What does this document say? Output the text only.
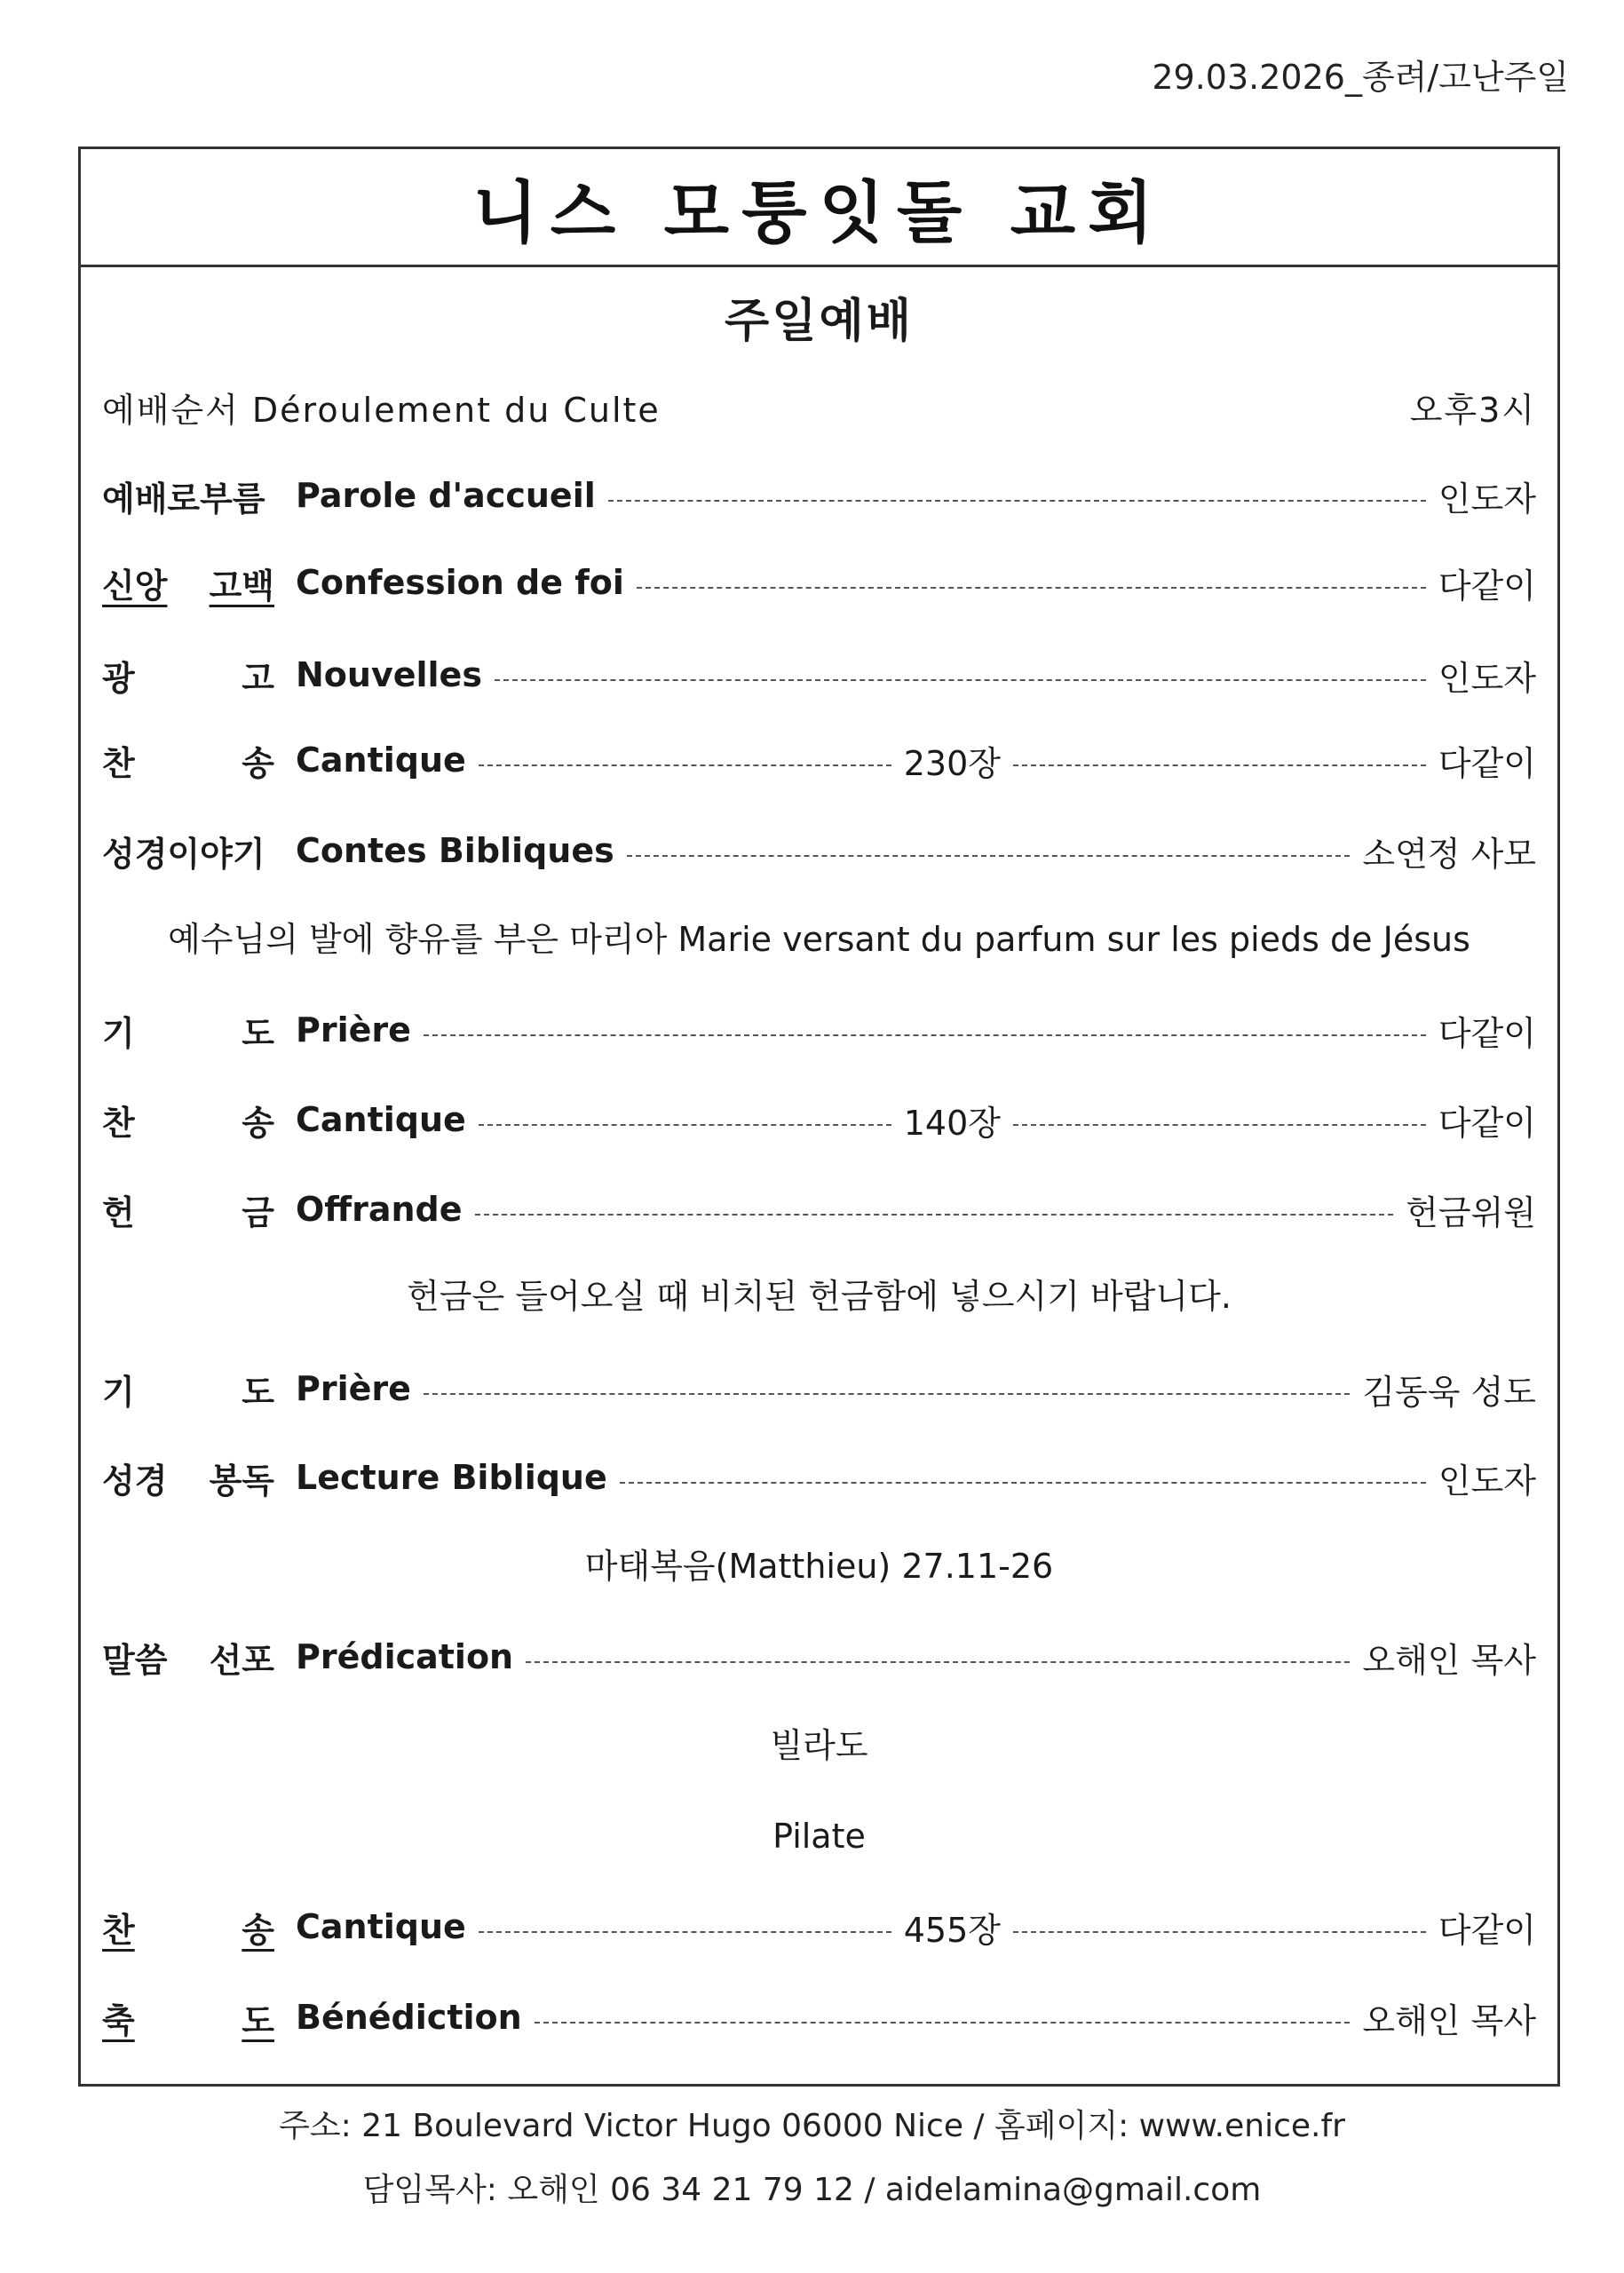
29.03.2026_종려/고난주일
니스 모퉁잇돌 교회
주일예배
예배순서 Déroulement du Culte	오후3시
예배로부름 Parole d'accueil	인도자
신앙 고백 Confession de foi	다같이
광	고 Nouvelles	인도자
찬	송 Cantique	230장	다같이
성경이야기 Contes Bibliques	소연정 사모
예수님의 발에 향유를 부은 마리아 Marie versant du parfum sur les pieds de Jésus
기	도 Prière	다같이
찬	송 Cantique	140장	다같이
헌	금 Offrande	헌금위원
헌금은 들어오실 때 비치된 헌금함에 넣으시기 바랍니다.
기	도 Prière	김동욱 성도
성경 봉독 Lecture Biblique	인도자
마태복음(Matthieu) 27.11-26
말씀 선포 Prédication	오해인 목사
빌라도
Pilate
찬	송 Cantique	455장	다같이
축	도 Bénédiction	오해인 목사
주소: 21 Boulevard Victor Hugo 06000 Nice / 홈페이지: www.enice.fr
담임목사: 오해인 06 34 21 79 12 / aidelamina@gmail.com
